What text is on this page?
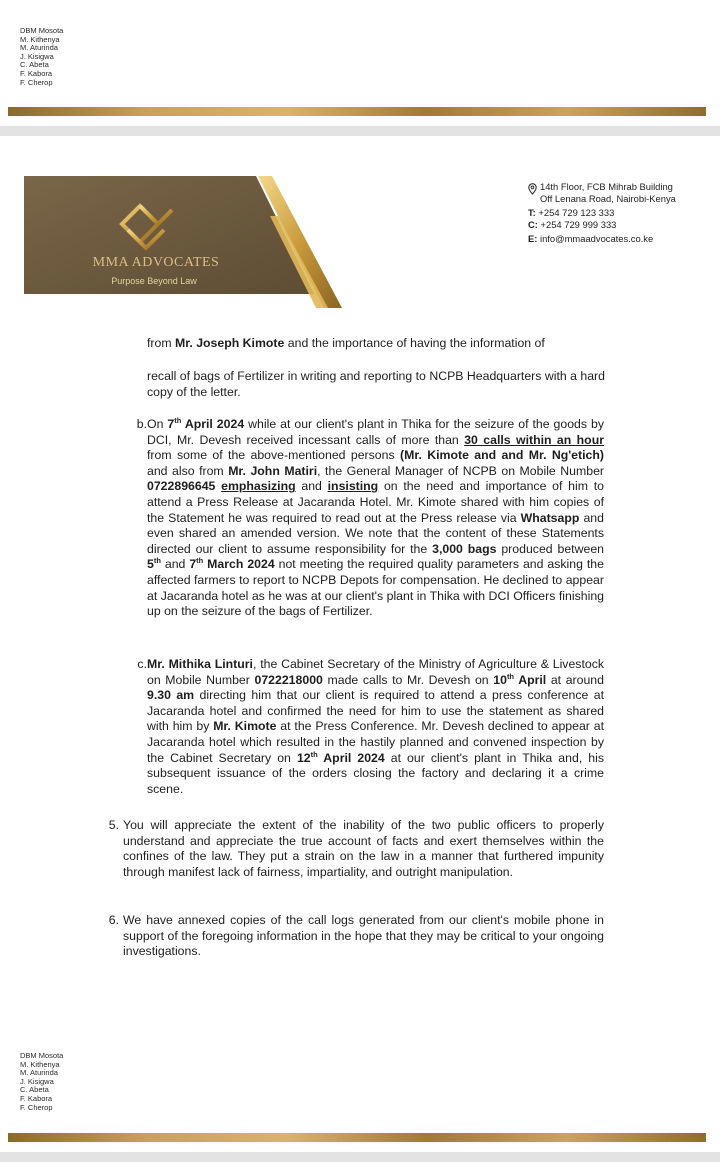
DBM Mosota
M. Kithenya
M. Aturinda
J. Kisigwa
C. Abeta
F. Kabora
F. Cherop
MMA ADVOCATES
Purpose Beyond Law
14th Floor, FCB Mihrab Building
Off Lenana Road, Nairobi-Kenya
T: +254 729 123 333
C: +254 729 999 333
E: info@mmaadvocates.co.ke
from Mr. Joseph Kimote and the importance of having the information of
recall of bags of Fertilizer in writing and reporting to NCPB Headquarters with a hard copy of the letter.
b. On 7th April 2024 while at our client's plant in Thika for the seizure of the goods by DCI, Mr. Devesh received incessant calls of more than 30 calls within an hour from some of the above-mentioned persons (Mr. Kimote and and Mr. Ng'etich) and also from Mr. John Matiri, the General Manager of NCPB on Mobile Number 0722896645 emphasizing and insisting on the need and importance of him to attend a Press Release at Jacaranda Hotel. Mr. Kimote shared with him copies of the Statement he was required to read out at the Press release via Whatsapp and even shared an amended version. We note that the content of these Statements directed our client to assume responsibility for the 3,000 bags produced between 5th and 7th March 2024 not meeting the required quality parameters and asking the affected farmers to report to NCPB Depots for compensation. He declined to appear at Jacaranda hotel as he was at our client's plant in Thika with DCI Officers finishing up on the seizure of the bags of Fertilizer.
c. Mr. Mithika Linturi, the Cabinet Secretary of the Ministry of Agriculture & Livestock on Mobile Number 0722218000 made calls to Mr. Devesh on 10th April at around 9.30 am directing him that our client is required to attend a press conference at Jacaranda hotel and confirmed the need for him to use the statement as shared with him by Mr. Kimote at the Press Conference. Mr. Devesh declined to appear at Jacaranda hotel which resulted in the hastily planned and convened inspection by the Cabinet Secretary on 12th April 2024 at our client's plant in Thika and, his subsequent issuance of the orders closing the factory and declaring it a crime scene.
5. You will appreciate the extent of the inability of the two public officers to properly understand and appreciate the true account of facts and exert themselves within the confines of the law. They put a strain on the law in a manner that furthered impunity through manifest lack of fairness, impartiality, and outright manipulation.
6. We have annexed copies of the call logs generated from our client's mobile phone in support of the foregoing information in the hope that they may be critical to your ongoing investigations.
DBM Mosota
M. Kithenya
M. Aturinda
J. Kisigwa
C. Abeta
F. Kabora
F. Cherop
